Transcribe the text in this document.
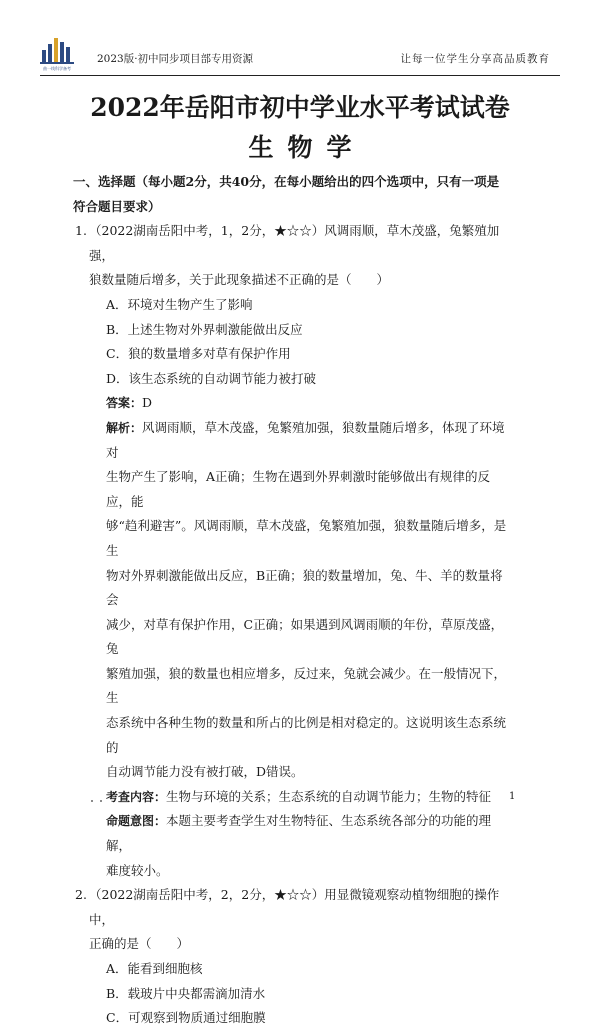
曲一线科学备考
2023版·初中同步项目部专用资源	让每一位学生分享高品质教育
2022年岳阳市初中学业水平考试试卷
生物学
一、选择题（每小题2分，共40分，在每小题给出的四个选项中，只有一项是
符合题目要求）
1. （2022湖南岳阳中考，1，2分，★☆☆）风调雨顺，草木茂盛，兔繁殖加强，
狼数量随后增多，关于此现象描述不正确的是（　　）
A．环境对生物产生了影响
B．上述生物对外界刺激能做出反应
C．狼的数量增多对草有保护作用
D．该生态系统的自动调节能力被打破
答案：D
解析：风调雨顺，草木茂盛，兔繁殖加强，狼数量随后增多，体现了环境对
生物产生了影响，A正确；生物在遇到外界刺激时能够做出有规律的反应，能
够“趋利避害”。风调雨顺，草木茂盛，兔繁殖加强，狼数量随后增多，是生
物对外界刺激能做出反应，B正确；狼的数量增加，兔、牛、羊的数量将会
减少，对草有保护作用，C正确；如果遇到风调雨顺的年份，草原茂盛，兔
繁殖加强，狼的数量也相应增多，反过来，兔就会减少。在一般情况下，生
态系统中各种生物的数量和所占的比例是相对稳定的。这说明该生态系统的
自动调节能力没有被打破，D错误。
考查内容：生物与环境的关系；生态系统的自动调节能力；生物的特征
命题意图：本题主要考查学生对生物特征、生态系统各部分的功能的理解，
难度较小。
2. （2022湖南岳阳中考，2，2分，★☆☆）用显微镜观察动植物细胞的操作中，
正确的是（　　）
A．能看到细胞核
B．载玻片中央都需滴加清水
C．可观察到物质通过细胞膜
1
